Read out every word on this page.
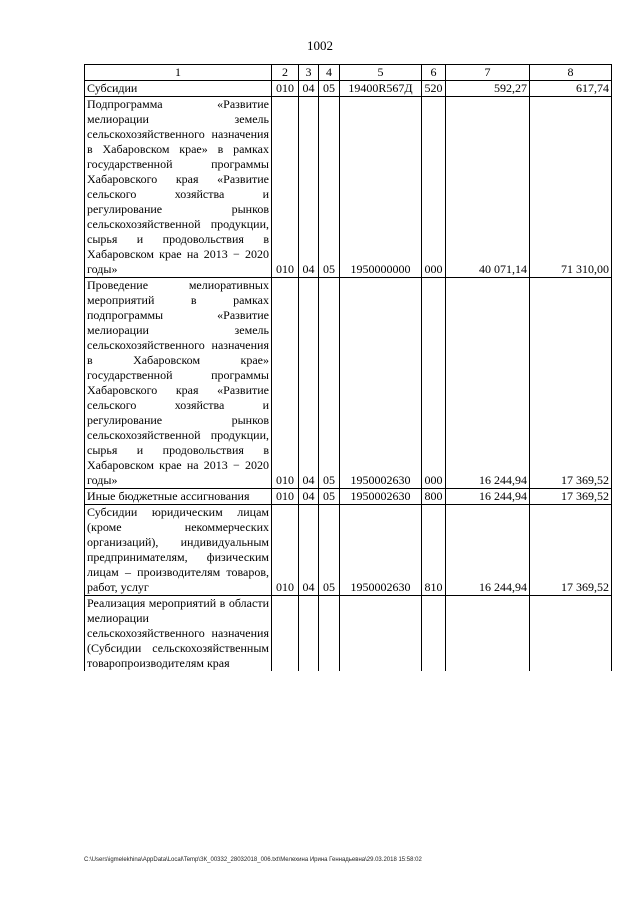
1002
1	2	3	4	5	6	7	8
Субсидии	010	04	05	19400R567Д	520	592,27	617,74
Подпрограмма «Развитие мелиорации земель сельскохозяйственного назначения в Хабаровском крае» в рамках государственной программы Хабаровского края «Развитие сельского хозяйства и регулирование рынков сельскохозяйственной продукции, сырья и продовольствия в Хабаровском крае на 2013 − 2020 годы»	010	04	05	1950000000	000	40 071,14	71 310,00
Проведение мелиоративных мероприятий в рамках подпрограммы «Развитие мелиорации земель сельскохозяйственного назначения в Хабаровском крае» государственной программы Хабаровского края «Развитие сельского хозяйства и регулирование рынков сельскохозяйственной продукции, сырья и продовольствия в Хабаровском крае на 2013 − 2020 годы»	010	04	05	1950002630	000	16 244,94	17 369,52
Иные бюджетные ассигнования	010	04	05	1950002630	800	16 244,94	17 369,52
Субсидии юридическим лицам (кроме некоммерческих организаций), индивидуальным предпринимателям, физическим лицам – производителям товаров, работ, услуг	010	04	05	1950002630	810	16 244,94	17 369,52
Реализация мероприятий в области мелиорации сельскохозяйственного назначения (Субсидии сельскохозяйственным товаропроизводителям края							
C:\Users\igmelekhina\AppData\Local\Temp\ЗК_00332_28032018_006.txt\Мелехина Ирина Геннадьевна\29.03.2018 15:58:02
